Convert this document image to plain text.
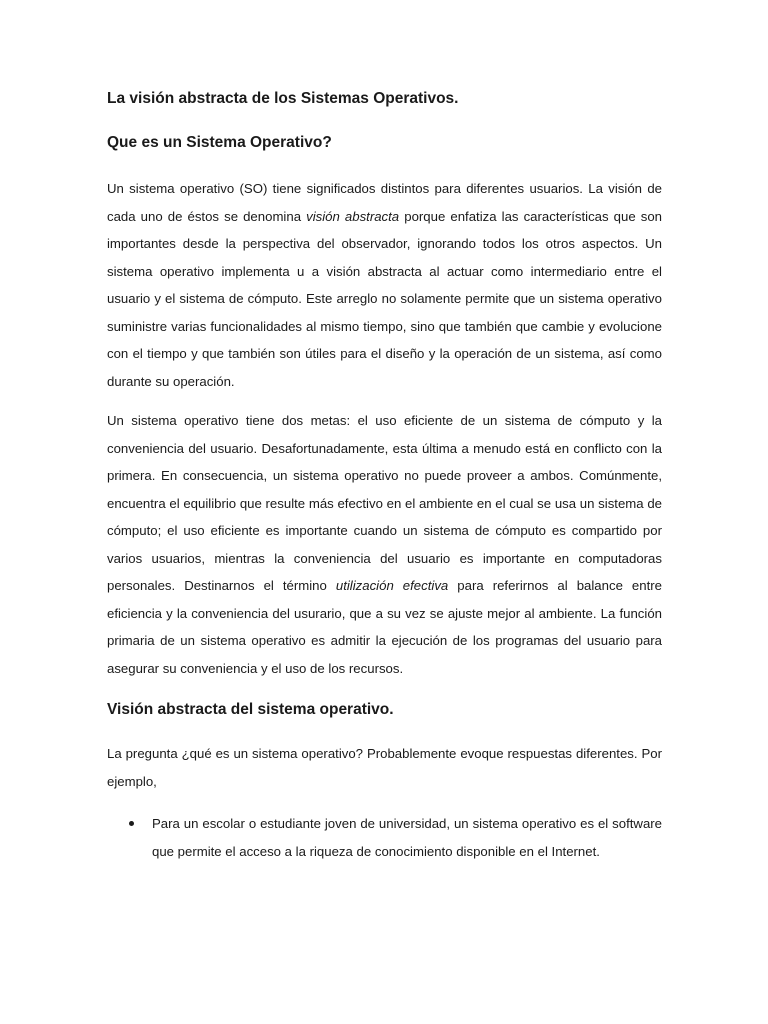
La visión abstracta de los Sistemas Operativos.
Que es un Sistema Operativo?

Un sistema operativo (SO) tiene significados distintos para diferentes usuarios. La visión de cada uno de éstos se denomina visión abstracta porque enfatiza las características que son importantes desde la perspectiva del observador, ignorando todos los otros aspectos. Un sistema operativo implementa u a visión abstracta al actuar como intermediario entre el usuario y el sistema de cómputo. Este arreglo no solamente permite que un sistema operativo suministre varias funcionalidades al mismo tiempo, sino que también que cambie y evolucione con el tiempo y que también son útiles para el diseño y la operación de un sistema, así como durante su operación.

Un sistema operativo tiene dos metas: el uso eficiente de un sistema de cómputo y la conveniencia del usuario. Desafortunadamente, esta última a menudo está en conflicto con la primera. En consecuencia, un sistema operativo no puede proveer a ambos. Comúnmente, encuentra el equilibrio que resulte más efectivo en el ambiente en el cual se usa un sistema de cómputo; el uso eficiente es importante cuando un sistema de cómputo es compartido por varios usuarios, mientras la conveniencia del usuario es importante en computadoras personales. Destinarnos el término utilización efectiva para referirnos al balance entre eficiencia y la conveniencia del usurario, que a su vez se ajuste mejor al ambiente. La función primaria de un sistema operativo es admitir la ejecución de los programas del usuario para asegurar su conveniencia y el uso de los recursos.

Visión abstracta del sistema operativo.

La pregunta ¿qué es un sistema operativo? Probablemente evoque respuestas diferentes. Por ejemplo,

Para un escolar o estudiante joven de universidad, un sistema operativo es el software que permite el acceso a la riqueza de conocimiento disponible en el Internet.
